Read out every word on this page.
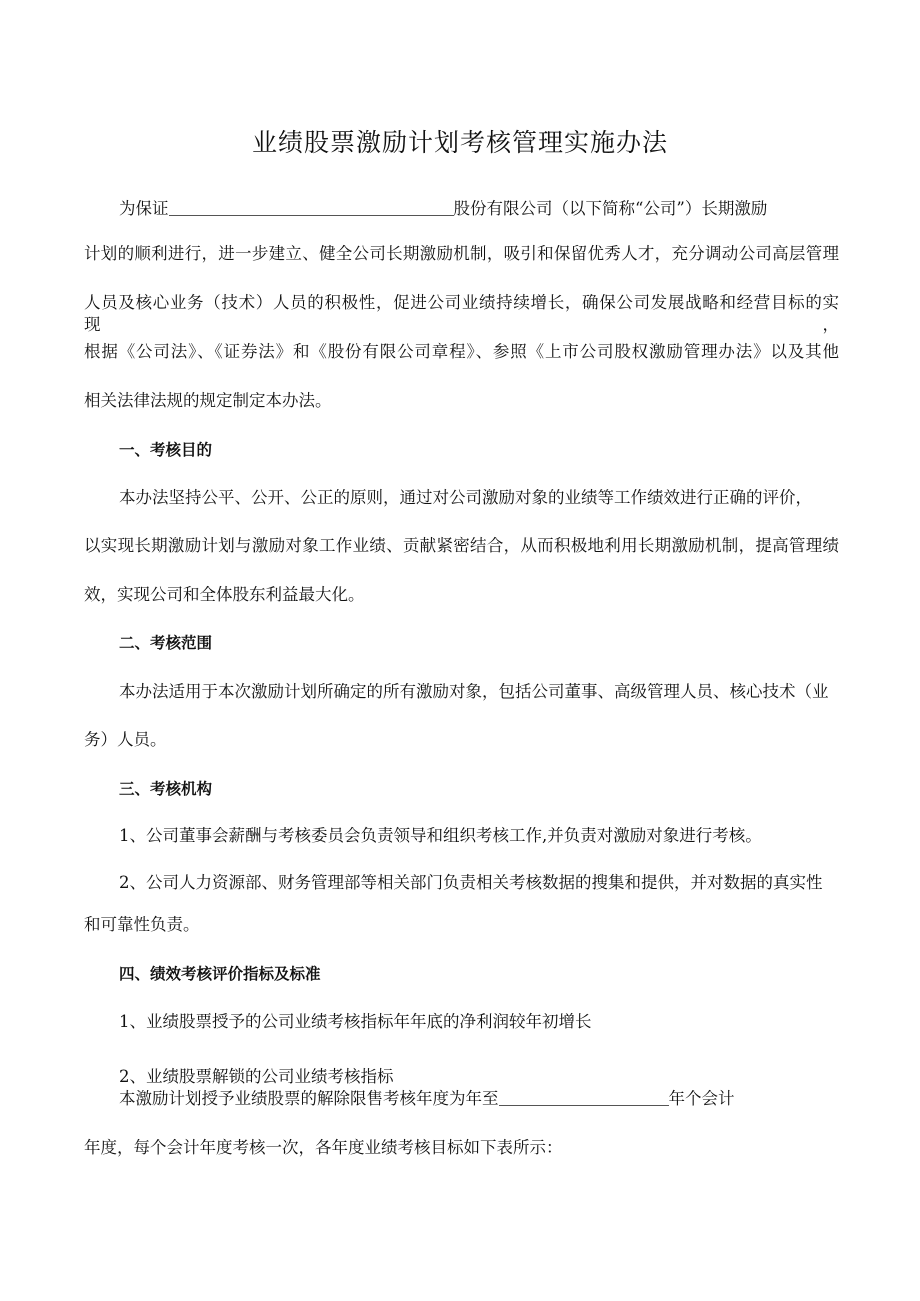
业绩股票激励计划考核管理实施办法
为保证	股份有限公司（以下简称“公司”）长期激励
计划的顺利进行，进一步建立、健全公司长期激励机制，吸引和保留优秀人才，充分调动公司高层管理
人员及核心业务（技术）人员的积极性，促进公司业绩持续增长，确保公司发展战略和经营目标的实现，
根据《公司法》、《证券法》和《股份有限公司章程》、参照《上市公司股权激励管理办法》以及其他
相关法律法规的规定制定本办法。
一、考核目的
本办法坚持公平、公开、公正的原则，通过对公司激励对象的业绩等工作绩效进行正确的评价，
以实现长期激励计划与激励对象工作业绩、贡献紧密结合，从而积极地利用长期激励机制，提高管理绩
效，实现公司和全体股东利益最大化。
二、考核范围
本办法适用于本次激励计划所确定的所有激励对象，包括公司董事、高级管理人员、核心技术（业
务）人员。
三、考核机构
1、公司董事会薪酬与考核委员会负责领导和组织考核工作,并负责对激励对象进行考核。
2、公司人力资源部、财务管理部等相关部门负责相关考核数据的搜集和提供，并对数据的真实性
和可靠性负责。
四、绩效考核评价指标及标准
1、业绩股票授予的公司业绩考核指标年年底的净利润较年初增长
2、业绩股票解锁的公司业绩考核指标
本激励计划授予业绩股票的解除限售考核年度为年至	年个会计
年度，每个会计年度考核一次，各年度业绩考核目标如下表所示：
